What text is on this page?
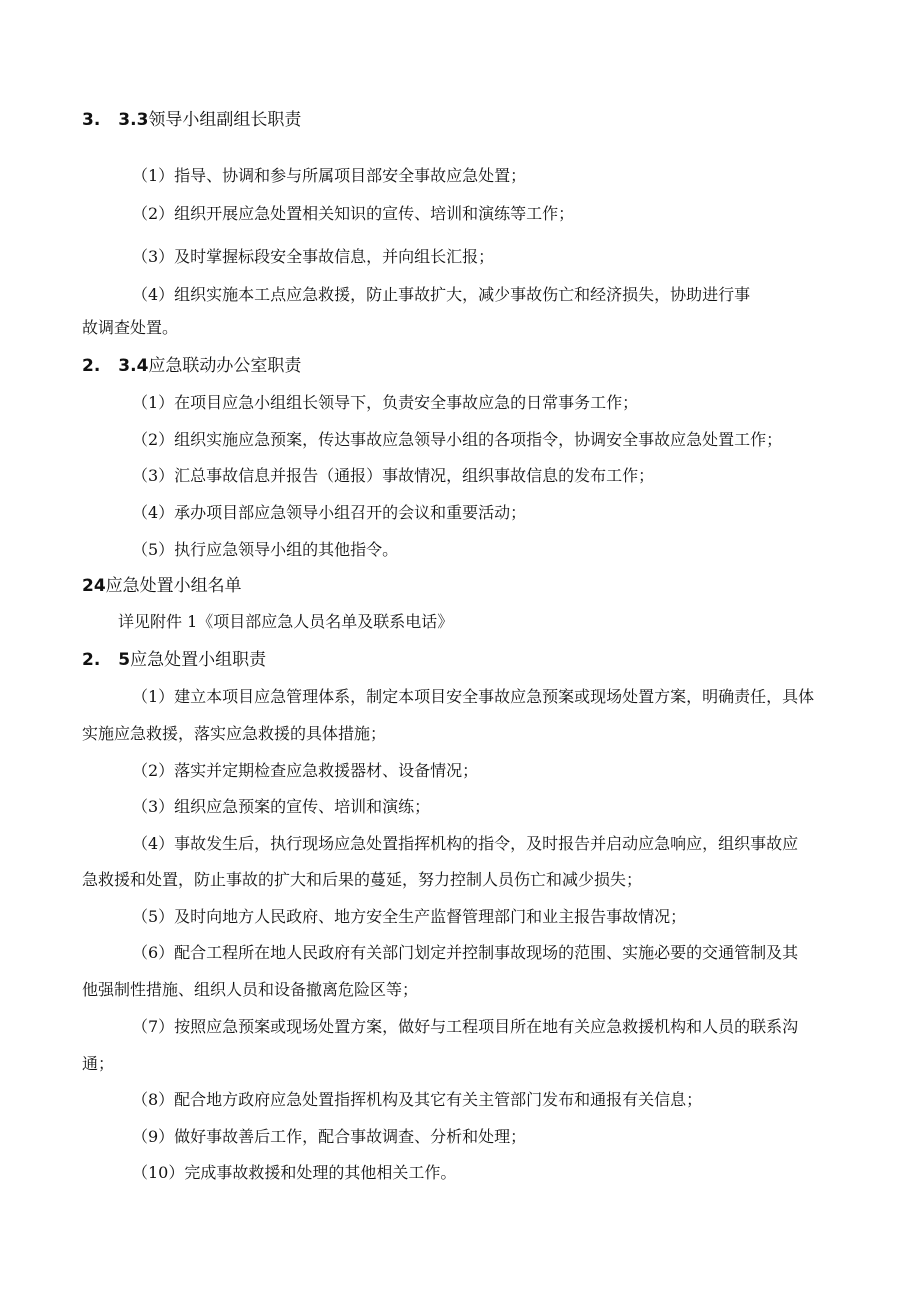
3. 3.3领导小组副组长职责
（1）指导、协调和参与所属项目部安全事故应急处置；
（2）组织开展应急处置相关知识的宣传、培训和演练等工作；
（3）及时掌握标段安全事故信息，并向组长汇报；
（4）组织实施本工点应急救援，防止事故扩大，减少事故伤亡和经济损失，协助进行事
故调查处置。
2. 3.4应急联动办公室职责
（1）在项目应急小组组长领导下，负责安全事故应急的日常事务工作；
（2）组织实施应急预案，传达事故应急领导小组的各项指令，协调安全事故应急处置工作；
（3）汇总事故信息并报告（通报）事故情况，组织事故信息的发布工作；
（4）承办项目部应急领导小组召开的会议和重要活动；
（5）执行应急领导小组的其他指令。
24应急处置小组名单
详见附件 1《项目部应急人员名单及联系电话》
2. 5应急处置小组职责
（1）建立本项目应急管理体系，制定本项目安全事故应急预案或现场处置方案，明确责任，具体
实施应急救援，落实应急救援的具体措施；
（2）落实并定期检查应急救援器材、设备情况；
（3）组织应急预案的宣传、培训和演练；
（4）事故发生后，执行现场应急处置指挥机构的指令，及时报告并启动应急响应，组织事故应
急救援和处置，防止事故的扩大和后果的蔓延，努力控制人员伤亡和减少损失；
（5）及时向地方人民政府、地方安全生产监督管理部门和业主报告事故情况；
（6）配合工程所在地人民政府有关部门划定并控制事故现场的范围、实施必要的交通管制及其
他强制性措施、组织人员和设备撤离危险区等；
（7）按照应急预案或现场处置方案，做好与工程项目所在地有关应急救援机构和人员的联系沟
通；
（8）配合地方政府应急处置指挥机构及其它有关主管部门发布和通报有关信息；
（9）做好事故善后工作，配合事故调查、分析和处理；
（10）完成事故救援和处理的其他相关工作。
